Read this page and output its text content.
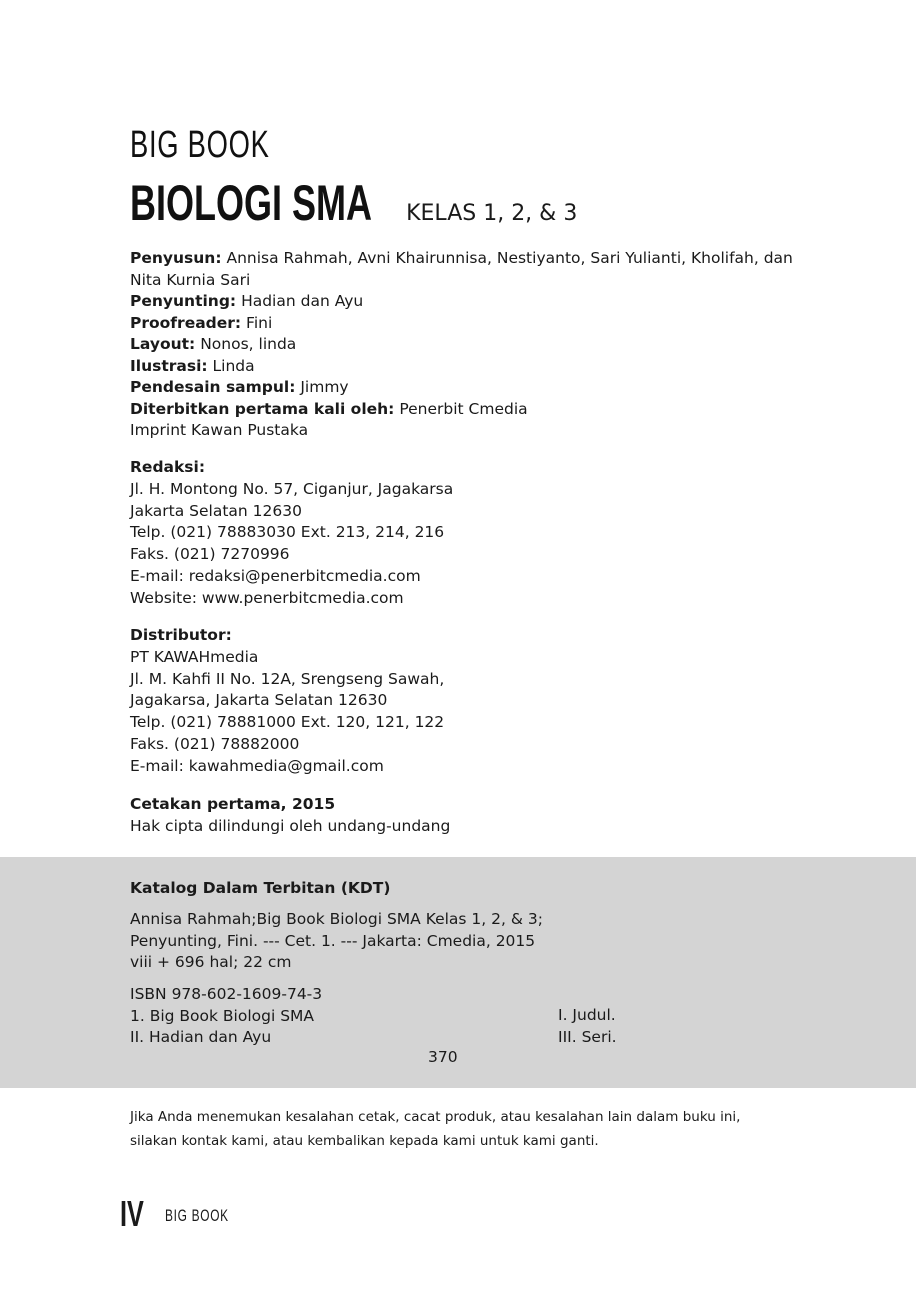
BIG BOOK
BIOLOGI SMA KELAS 1, 2, & 3
Penyusun: Annisa Rahmah, Avni Khairunnisa, Nestiyanto, Sari Yulianti, Kholifah, dan Nita Kurnia Sari
Penyunting: Hadian dan Ayu
Proofreader: Fini
Layout: Nonos, linda
Ilustrasi: Linda
Pendesain sampul: Jimmy
Diterbitkan pertama kali oleh: Penerbit Cmedia
Imprint Kawan Pustaka
Redaksi:
Jl. H. Montong No. 57, Ciganjur, Jagakarsa
Jakarta Selatan 12630
Telp. (021) 78883030 Ext. 213, 214, 216
Faks. (021) 7270996
E-mail: redaksi@penerbitcmedia.com
Website: www.penerbitcmedia.com
Distributor:
PT KAWAHmedia
Jl. M. Kahfi II No. 12A, Srengseng Sawah,
Jagakarsa, Jakarta Selatan 12630
Telp. (021) 78881000 Ext. 120, 121, 122
Faks. (021) 78882000
E-mail: kawahmedia@gmail.com
Cetakan pertama, 2015
Hak cipta dilindungi oleh undang-undang
Katalog Dalam Terbitan (KDT)
Annisa Rahmah;Big Book Biologi SMA Kelas 1, 2, & 3;
Penyunting, Fini. --- Cet. 1. --- Jakarta: Cmedia, 2015
viii + 696 hal; 22 cm
ISBN 978-602-1609-74-3
1. Big Book Biologi SMA
II. Hadian dan Ayu
I. Judul.
III. Seri.
370
Jika Anda menemukan kesalahan cetak, cacat produk, atau kesalahan lain dalam buku ini,
silakan kontak kami, atau kembalikan kepada kami untuk kami ganti.
IV BIG BOOK
